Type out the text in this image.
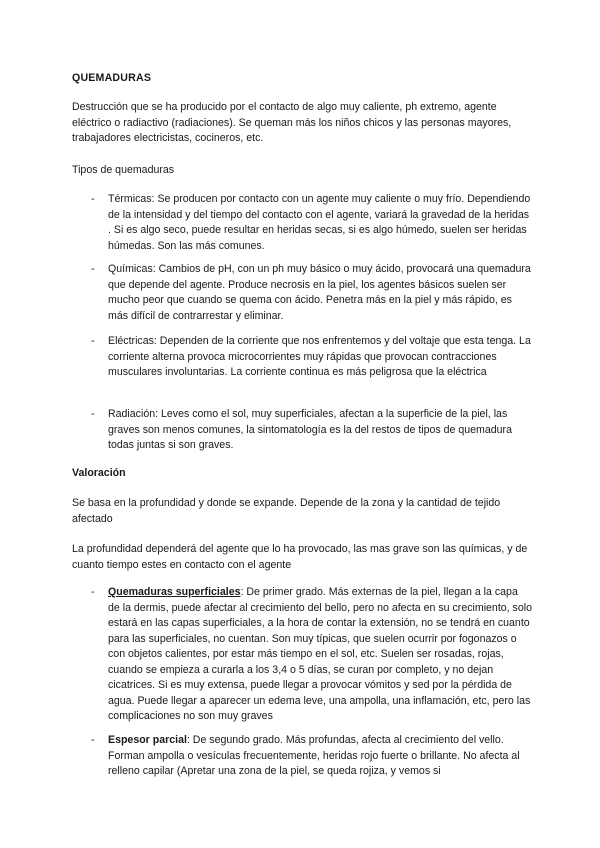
QUEMADURAS

Destrucción que se ha producido por el contacto de algo muy caliente, ph extremo, agente eléctrico o radiactivo (radiaciones). Se queman más los niños chicos y las personas mayores, trabajadores electricistas, cocineros, etc.

Tipos de quemaduras

- Térmicas: Se producen por contacto con un agente muy caliente o muy frío. Dependiendo de la intensidad y del tiempo del contacto con el agente, variará la gravedad de la heridas . Si es algo seco, puede resultar en heridas secas, si es algo húmedo, suelen ser heridas húmedas. Son las más comunes.

- Químicas: Cambios de pH, con un ph muy básico o muy ácido, provocará una quemadura que depende del agente. Produce necrosis en la piel, los agentes básicos suelen ser mucho peor que cuando se quema con ácido. Penetra más en la piel y más rápido, es más difícil de contrarrestar y eliminar.

- Eléctricas: Dependen de la corriente que nos enfrentemos y del voltaje que esta tenga. La corriente alterna provoca microcorrientes muy rápidas que provocan contracciones musculares involuntarias. La corriente continua es más peligrosa que la eléctrica

- Radiación: Leves como el sol, muy superficiales, afectan a la superficie de la piel, las graves son menos comunes, la sintomatología es la del restos de tipos de quemadura todas juntas si son graves.

Valoración

Se basa en la profundidad y donde se expande. Depende de la zona y la cantidad de tejido afectado

La profundidad dependerá del agente que lo ha provocado, las mas grave son las químicas, y de cuanto tiempo estes en contacto con el agente

- Quemaduras superficiales: De primer grado. Más externas de la piel, llegan a la capa de la dermis, puede afectar al crecimiento del bello, pero no afecta en su crecimiento, solo estará en las capas superficiales, a la hora de contar la extensión, no se tendrá en cuanto para las superficiales, no cuentan. Son muy típicas, que suelen ocurrir por fogonazos o con objetos calientes, por estar más tiempo en el sol, etc. Suelen ser rosadas, rojas, cuando se empieza a curarla a los 3,4 o 5 días, se curan por completo, y no dejan cicatrices. Si es muy extensa, puede llegar a provocar vómitos y sed por la pérdida de agua. Puede llegar a aparecer un edema leve, una ampolla, una inflamación, etc, pero las complicaciones no son muy graves

- Espesor parcial: De segundo grado. Más profundas, afecta al crecimiento del vello. Forman ampolla o vesículas frecuentemente, heridas rojo fuerte o brillante. No afecta al relleno capilar (Apretar una zona de la piel, se queda rojiza, y vemos si
